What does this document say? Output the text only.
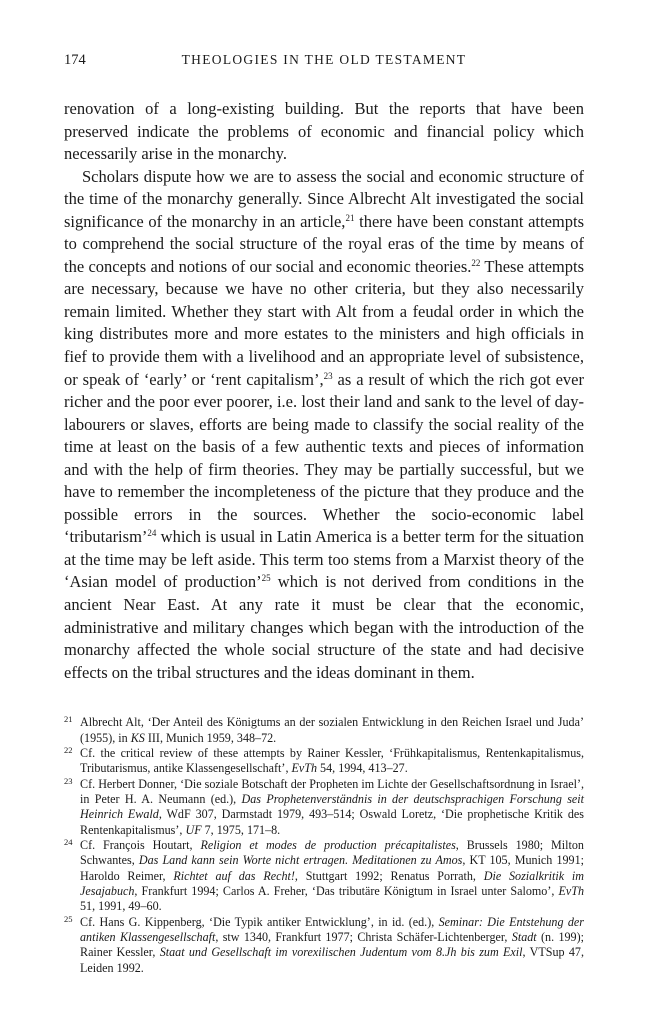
174	THEOLOGIES IN THE OLD TESTAMENT

renovation of a long-existing building. But the reports that have been preserved indicate the problems of economic and financial policy which necessarily arise in the monarchy.

Scholars dispute how we are to assess the social and economic structure of the time of the monarchy generally. Since Albrecht Alt investigated the social significance of the monarchy in an article,$^{21}$ there have been constant attempts to comprehend the social structure of the royal eras of the time by means of the concepts and notions of our social and economic theories.$^{22}$ These attempts are necessary, because we have no other criteria, but they also necessarily remain limited. Whether they start with Alt from a feudal order in which the king distributes more and more estates to the ministers and high officials in fief to provide them with a livelihood and an appropriate level of subsistence, or speak of ‘early’ or ‘rent capitalism’,$^{23}$ as a result of which the rich got ever richer and the poor ever poorer, i.e. lost their land and sank to the level of day-labourers or slaves, efforts are being made to classify the social reality of the time at least on the basis of a few authentic texts and pieces of information and with the help of firm theories. They may be partially successful, but we have to remember the incompleteness of the picture that they produce and the possible errors in the sources. Whether the socio-economic label ‘tributarism’$^{24}$ which is usual in Latin America is a better term for the situation at the time may be left aside. This term too stems from a Marxist theory of the ‘Asian model of production’$^{25}$ which is not derived from conditions in the ancient Near East. At any rate it must be clear that the economic, administrative and military changes which began with the introduction of the monarchy affected the whole social structure of the state and had decisive effects on the tribal structures and the ideas dominant in them.

21 Albrecht Alt, ‘Der Anteil des Königtums an der sozialen Entwicklung in den Reichen Israel und Juda’ (1955), in KS III, Munich 1959, 348–72.

22 Cf. the critical review of these attempts by Rainer Kessler, ‘Frühkapitalismus, Rentenkapitalismus, Tributarismus, antike Klassengesellschaft’, EvTh 54, 1994, 413–27.

23 Cf. Herbert Donner, ‘Die soziale Botschaft der Propheten im Lichte der Gesellschaftsordnung in Israel’, in Peter H. A. Neumann (ed.), Das Prophetenverständnis in der deutschsprachigen Forschung seit Heinrich Ewald, WdF 307, Darmstadt 1979, 493–514; Oswald Loretz, ‘Die prophetische Kritik des Rentenkapitalismus’, UF 7, 1975, 171–8.

24 Cf. François Houtart, Religion et modes de production précapitalistes, Brussels 1980; Milton Schwantes, Das Land kann sein Worte nicht ertragen. Meditationen zu Amos, KT 105, Munich 1991; Haroldo Reimer, Richtet auf das Recht!, Stuttgart 1992; Renatus Porrath, Die Sozialkritik im Jesajabuch, Frankfurt 1994; Carlos A. Freher, ‘Das tributäre Königtum in Israel unter Salomo’, EvTh 51, 1991, 49–60.

25 Cf. Hans G. Kippenberg, ‘Die Typik antiker Entwicklung’, in id. (ed.), Seminar: Die Entstehung der antiken Klassengesellschaft, stw 1340, Frankfurt 1977; Christa Schäfer-Lichtenberger, Stadt (n. 199); Rainer Kessler, Staat und Gesellschaft im vorexilischen Judentum vom 8.Jh bis zum Exil, VTSup 47, Leiden 1992.
